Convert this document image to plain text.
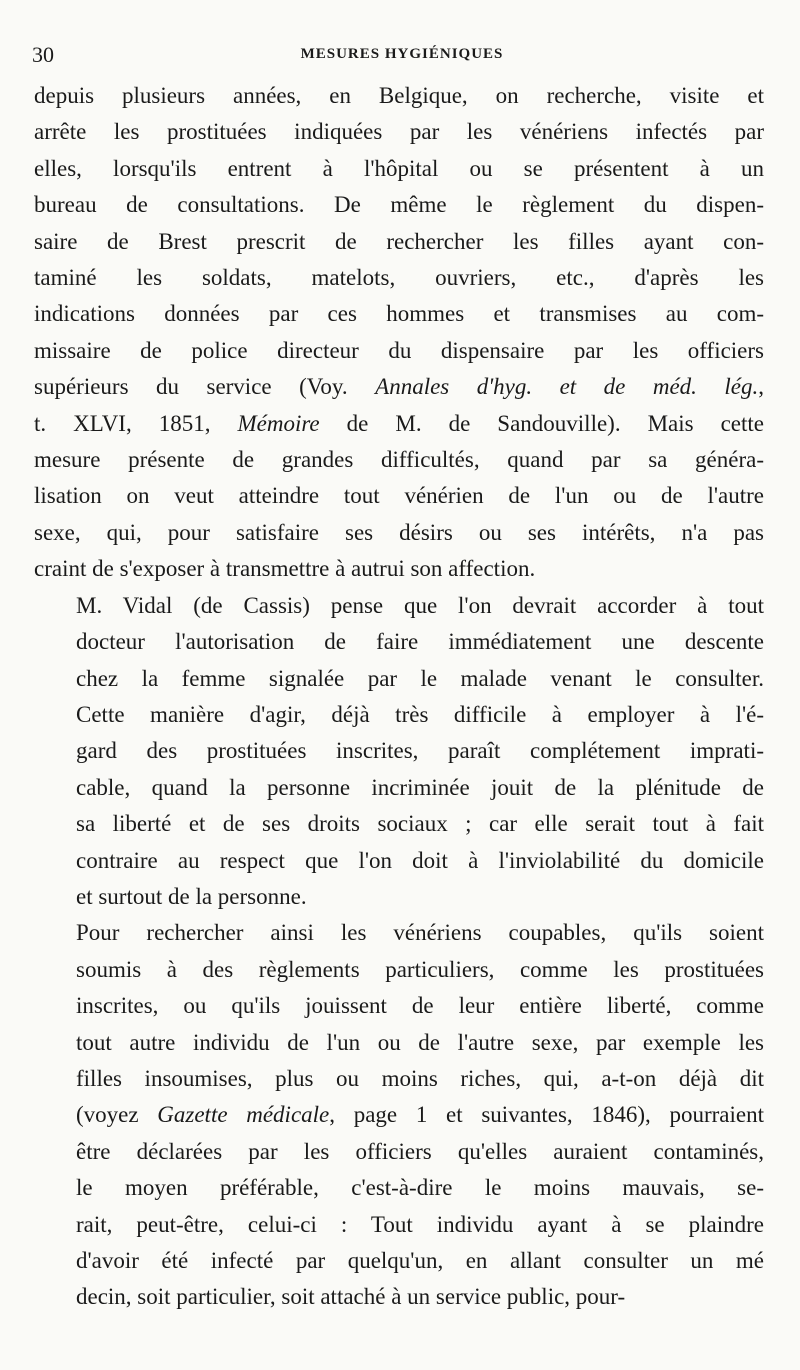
30	MESURES HYGIÉNIQUES
depuis plusieurs années, en Belgique, on recherche, visite et
arrête les prostituées indiquées par les vénériens infectés par
elles, lorsqu'ils entrent à l'hôpital ou se présentent à un
bureau de consultations. De même le règlement du dispen-
saire de Brest prescrit de rechercher les filles ayant con-
taminé les soldats, matelots, ouvriers, etc., d'après les
indications données par ces hommes et transmises au com-
missaire de police directeur du dispensaire par les officiers
supérieurs du service (Voy. Annales d'hyg. et de méd. lég.,
t. XLVI, 1851, Mémoire de M. de Sandouville). Mais cette
mesure présente de grandes difficultés, quand par sa généra-
lisation on veut atteindre tout vénérien de l'un ou de l'autre
sexe, qui, pour satisfaire ses désirs ou ses intérêts, n'a pas
craint de s'exposer à transmettre à autrui son affection.
M. Vidal (de Cassis) pense que l'on devrait accorder à tout
docteur l'autorisation de faire immédiatement une descente
chez la femme signalée par le malade venant le consulter.
Cette manière d'agir, déjà très difficile à employer à l'é-
gard des prostituées inscrites, paraît complétement imprati-
cable, quand la personne incriminée jouit de la plénitude de
sa liberté et de ses droits sociaux ; car elle serait tout à fait
contraire au respect que l'on doit à l'inviolabilité du domicile
et surtout de la personne.
Pour rechercher ainsi les vénériens coupables, qu'ils soient
soumis à des règlements particuliers, comme les prostituées
inscrites, ou qu'ils jouissent de leur entière liberté, comme
tout autre individu de l'un ou de l'autre sexe, par exemple les
filles insoumises, plus ou moins riches, qui, a-t-on déjà dit
(voyez Gazette médicale, page 1 et suivantes, 1846), pourraient
être déclarées par les officiers qu'elles auraient contaminés,
le moyen préférable, c'est-à-dire le moins mauvais, se-
rait, peut-être, celui-ci : Tout individu ayant à se plaindre
d'avoir été infecté par quelqu'un, en allant consulter un mé
decin, soit particulier, soit attaché à un service public, pour-
